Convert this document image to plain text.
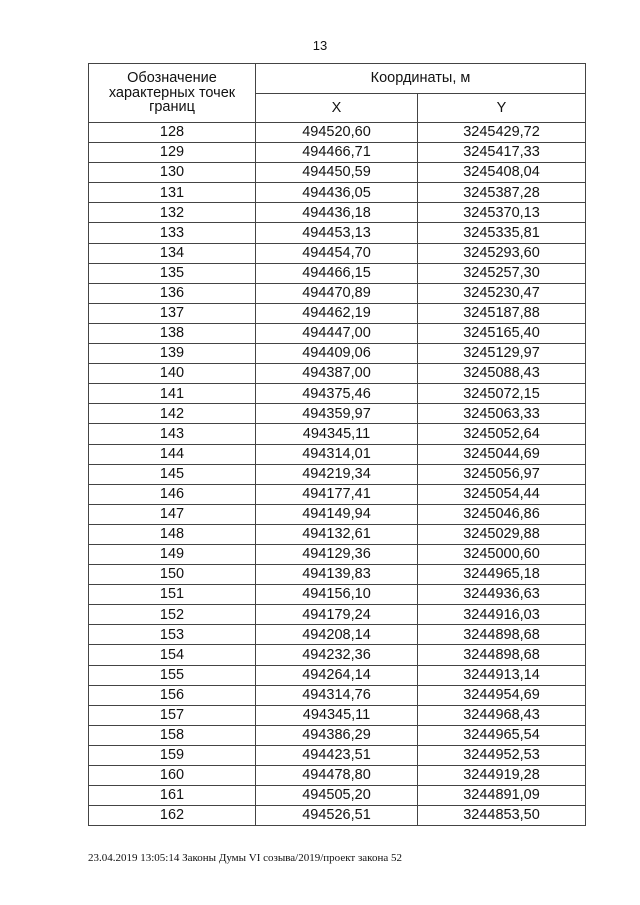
13
Обозначение характерных точек границ	Координаты, м	
	X	Y
128	494520,60	3245429,72
129	494466,71	3245417,33
130	494450,59	3245408,04
131	494436,05	3245387,28
132	494436,18	3245370,13
133	494453,13	3245335,81
134	494454,70	3245293,60
135	494466,15	3245257,30
136	494470,89	3245230,47
137	494462,19	3245187,88
138	494447,00	3245165,40
139	494409,06	3245129,97
140	494387,00	3245088,43
141	494375,46	3245072,15
142	494359,97	3245063,33
143	494345,11	3245052,64
144	494314,01	3245044,69
145	494219,34	3245056,97
146	494177,41	3245054,44
147	494149,94	3245046,86
148	494132,61	3245029,88
149	494129,36	3245000,60
150	494139,83	3244965,18
151	494156,10	3244936,63
152	494179,24	3244916,03
153	494208,14	3244898,68
154	494232,36	3244898,68
155	494264,14	3244913,14
156	494314,76	3244954,69
157	494345,11	3244968,43
158	494386,29	3244965,54
159	494423,51	3244952,53
160	494478,80	3244919,28
161	494505,20	3244891,09
162	494526,51	3244853,50
23.04.2019 13:05:14 Законы Думы VI созыва/2019/проект закона 52
